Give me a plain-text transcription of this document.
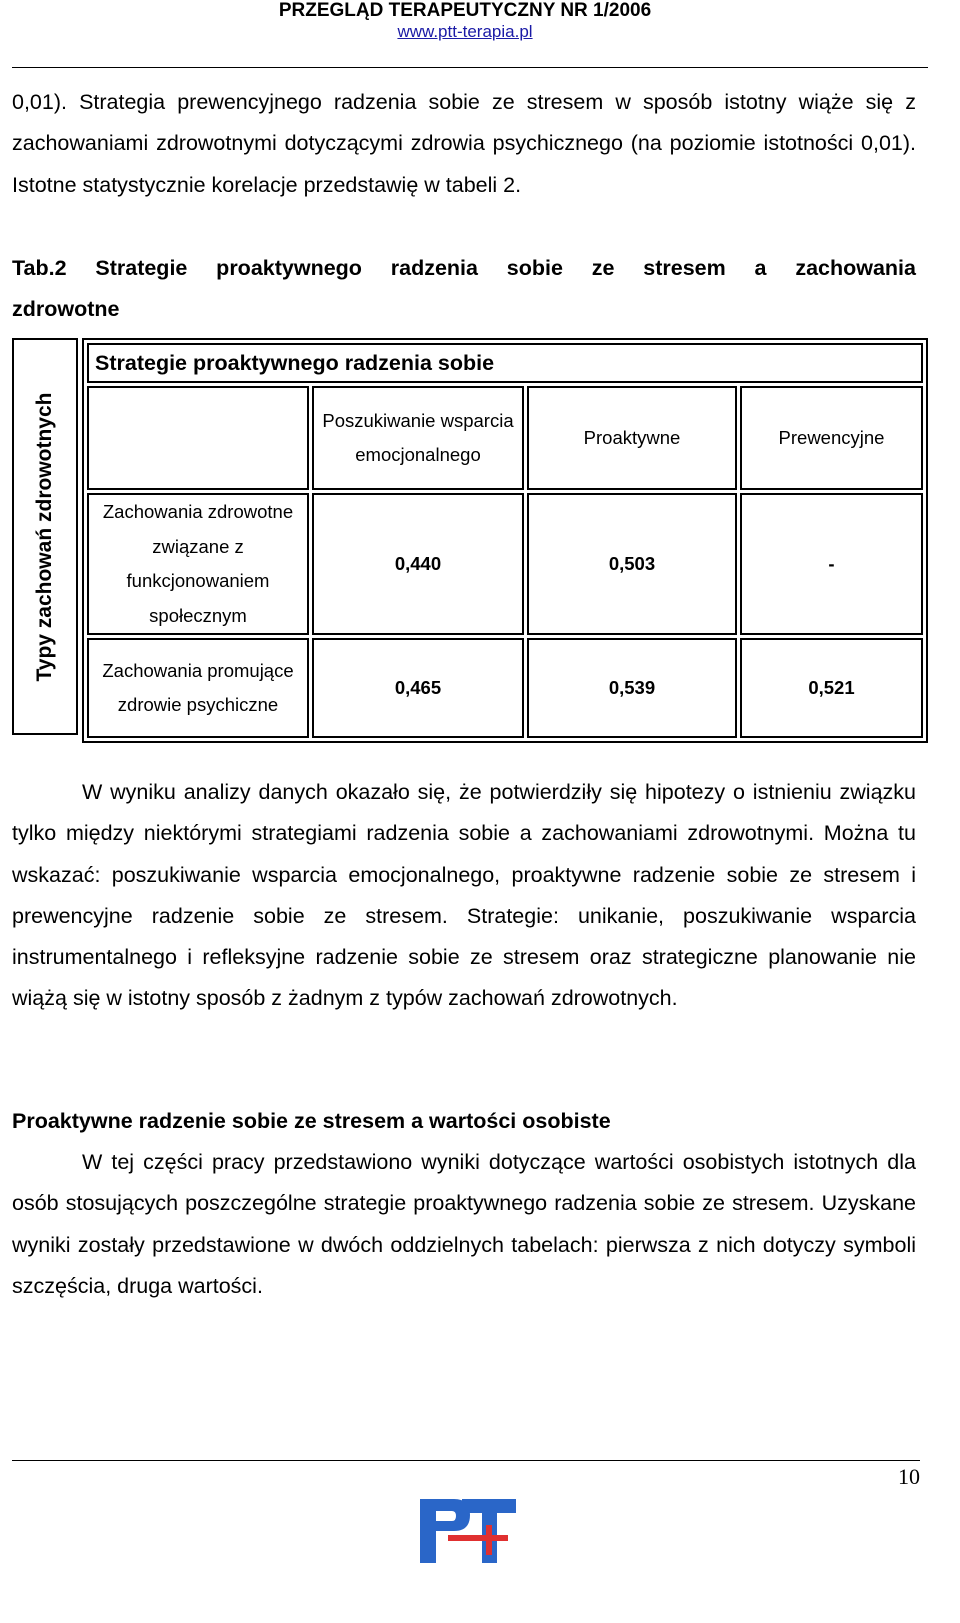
PRZEGLĄD TERAPEUTYCZNY NR 1/2006
www.ptt-terapia.pl

0,01). Strategia prewencyjnego radzenia sobie ze stresem w sposób istotny wiąże się z zachowaniami zdrowotnymi dotyczącymi zdrowia psychicznego (na poziomie istotności 0,01). Istotne statystycznie korelacje przedstawię w tabeli 2.

Tab.2 Strategie proaktywnego radzenia sobie ze stresem a zachowania
zdrowotne
Typy zachowań zdrowotnych
Strategie proaktywnego radzenia sobie			
	Poszukiwanie wsparcia emocjonalnego	Proaktywne	Prewencyjne
Zachowania zdrowotne związane z funkcjonowaniem społecznym	0,440	0,503	-
Zachowania promujące zdrowie psychiczne	0,465	0,539	0,521

W wyniku analizy danych okazało się, że potwierdziły się hipotezy o istnieniu związku tylko między niektórymi strategiami radzenia sobie a zachowaniami zdrowotnymi. Można tu wskazać: poszukiwanie wsparcia emocjonalnego, proaktywne radzenie sobie ze stresem i prewencyjne radzenie sobie ze stresem. Strategie: unikanie, poszukiwanie wsparcia instrumentalnego i refleksyjne radzenie sobie ze stresem oraz strategiczne planowanie nie wiążą się w istotny sposób z żadnym z typów zachowań zdrowotnych.

Proaktywne radzenie sobie ze stresem a wartości osobiste

W tej części pracy przedstawiono wyniki dotyczące wartości osobistych istotnych dla osób stosujących poszczególne strategie proaktywnego radzenia sobie ze stresem. Uzyskane wyniki zostały przedstawione w dwóch oddzielnych tabelach: pierwsza z nich dotyczy symboli szczęścia, druga wartości.

10
